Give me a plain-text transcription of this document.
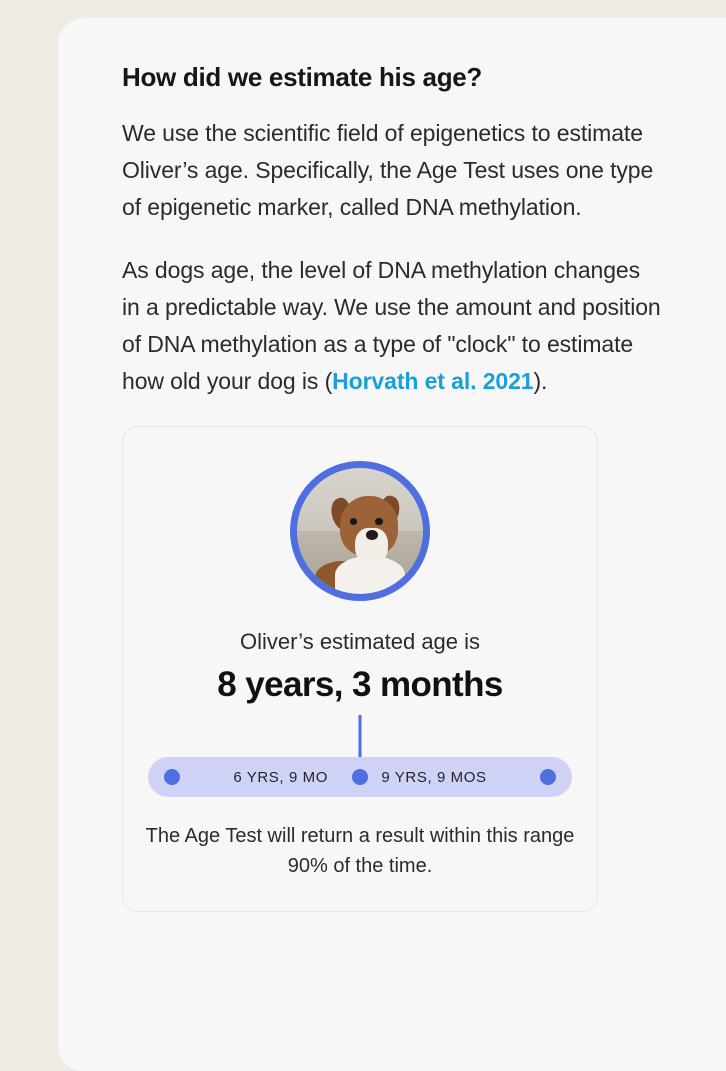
How did we estimate his age?

We use the scientific field of epigenetics to estimate Oliver’s age. Specifically, the Age Test uses one type of epigenetic marker, called DNA methylation.

As dogs age, the level of DNA methylation changes in a predictable way. We use the amount and position of DNA methylation as a type of "clock" to estimate how old your dog is (Horvath et al. 2021).

Oliver’s estimated age is
8 years, 3 months
6 YRS, 9 MO	9 YRS, 9 MOS
The Age Test will return a result within this range 90% of the time.
